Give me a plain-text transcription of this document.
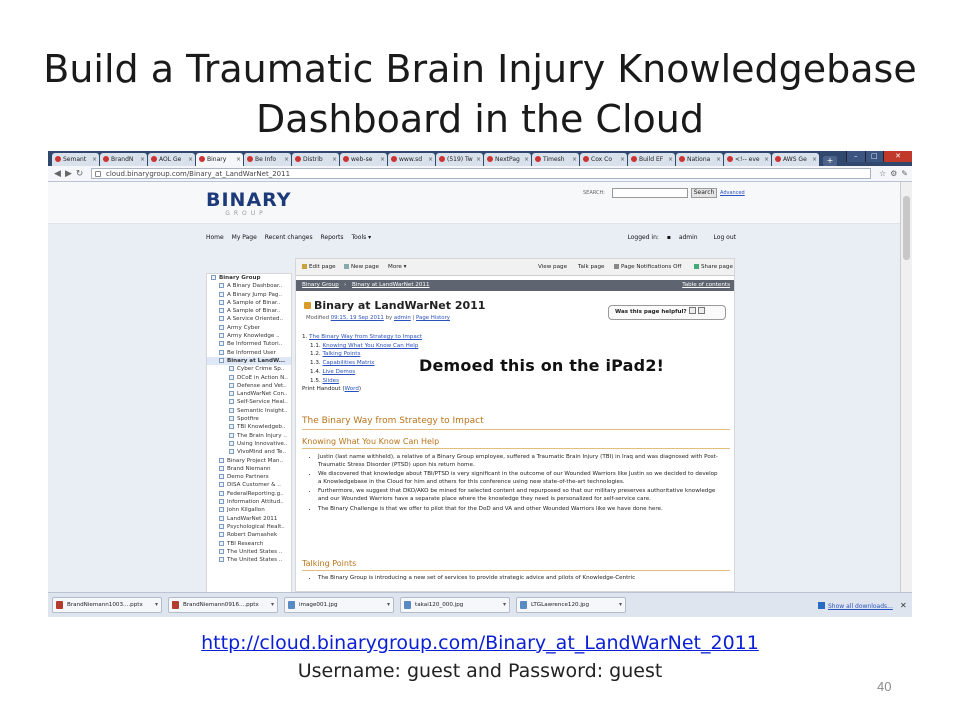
Build a Traumatic Brain Injury Knowledgebase Dashboard in the Cloud
Semant ×	BrandN ×	AOL Ge ×	Binary ×	Be Info ×	Distrib ×	web-se ×	www.sd ×	(519) Tw ×	NextPag ×	Timesh ×	Cox Co ×	Build EF ×	Nationa ×	<!-- eve ×	AWS Ge ×	+	–	□	✕
◀ ▶ ↻	cloud.binarygroup.com/Binary_at_LandWarNet_2011	☆⚙✎
BINARY
GROUP
SEARCH:	Search	Advanced
Home My Page Recent changes Reports Tools ▾	Logged in: ▪ admin	Log out
Binary Group
A Binary Dashboar..
A Binary Jump Pag..
A Sample of Binar..
A Sample of Binar..
A Service Oriented..
Army Cyber
Army Knowledge ..
Be Informed Tutori..
Be Informed User
Binary at LandW...
Cyber Crime Sp..
DCoE in Action N..
Defense and Vet..
LandWarNet Con..
Self-Service Heal..
Semantic Insight..
Spotfire
TBI Knowledgeb..
The Brain Injury ..
Using Innovative..
VivoMind and Te..
Binary Project Man..
Brand Niemann
Demo Partners
DISA Customer & ..
FederalReporting.g..
Information Attitud..
John Kilgallon
LandWarNet 2011
Psychological Healt..
Robert Damashek
TBI Research
The United States ..
The United States ..
Edit page	New page More ▾	View page Talk page	Page Notifications Off	Share page
Binary Group › Binary at LandWarNet 2011	Table of contents
Binary at LandWarNet 2011
Modified 09:15, 19 Sep 2011 by admin | Page History
Was this page helpful?
1. The Binary Way from Strategy to Impact
1.1. Knowing What You Know Can Help
1.2. Talking Points
1.3. Capabilities Matrix
1.4. Live Demos
1.5. Slides
Print Handout (Word)
The Binary Way from Strategy to Impact
Knowing What You Know Can Help
• Justin (last name withheld), a relative of a Binary Group employee, suffered a Traumatic Brain Injury (TBI) in Iraq and was diagnosed with Post-Traumatic Stress Disorder (PTSD) upon his return home.
• We discovered that knowledge about TBI/PTSD is very significant in the outcome of our Wounded Warriors like Justin so we decided to develop a Knowledgebase in the Cloud for him and others for this conference using new state-of-the-art technologies.
• Furthermore, we suggest that DKO/AKO be mined for selected content and repurposed so that our military preserves authoritative knowledge and our Wounded Warriors have a separate place where the knowledge they need is personalized for self-service care.
• The Binary Challenge is that we offer to pilot that for the DoD and VA and other Wounded Warriors like we have done here.
Talking Points
• The Binary Group is introducing a new set of services to provide strategic advice and pilots of Knowledge-Centric
Show all downloads... ✕
BrandNiemann1003....pptx ▾	BrandNiemann0916....pptx ▾	image001.jpg	▾	takai120_000.jpg	▾	LTGLawrence120.jpg	▾
Demoed this on the iPad2!
http://cloud.binarygroup.com/Binary_at_LandWarNet_2011
Username: guest and Password: guest
40
